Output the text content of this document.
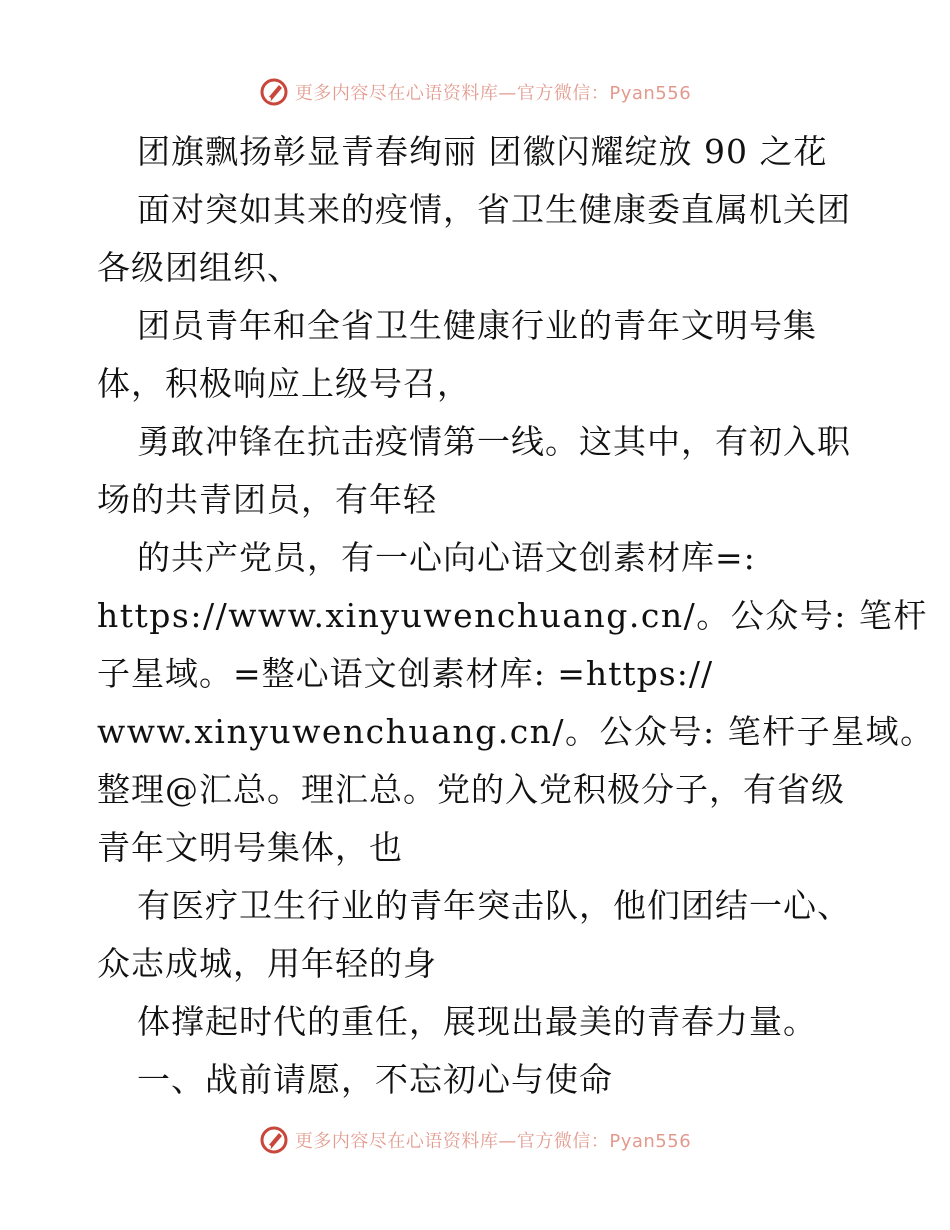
更多内容尽在心语资料库—官方微信：Pyan556
团旗飘扬彰显青春绚丽 团徽闪耀绽放 90 之花
面对突如其来的疫情，省卫生健康委直属机关团
各级团组织、
团员青年和全省卫生健康行业的青年文明号集
体，积极响应上级号召，
勇敢冲锋在抗击疫情第一线。这其中，有初入职
场的共青团员，有年轻
的共产党员，有一心向心语文创素材库=:
https://www.xinyuwenchuang.cn/。公众号: 笔杆
子星域。=整心语文创素材库: =https://
www.xinyuwenchuang.cn/。公众号: 笔杆子星域。
整理@汇总。理汇总。党的入党积极分子，有省级
青年文明号集体，也
有医疗卫生行业的青年突击队，他们团结一心、
众志成城，用年轻的身
体撑起时代的重任，展现出最美的青春力量。
一、战前请愿，不忘初心与使命
更多内容尽在心语资料库—官方微信：Pyan556
